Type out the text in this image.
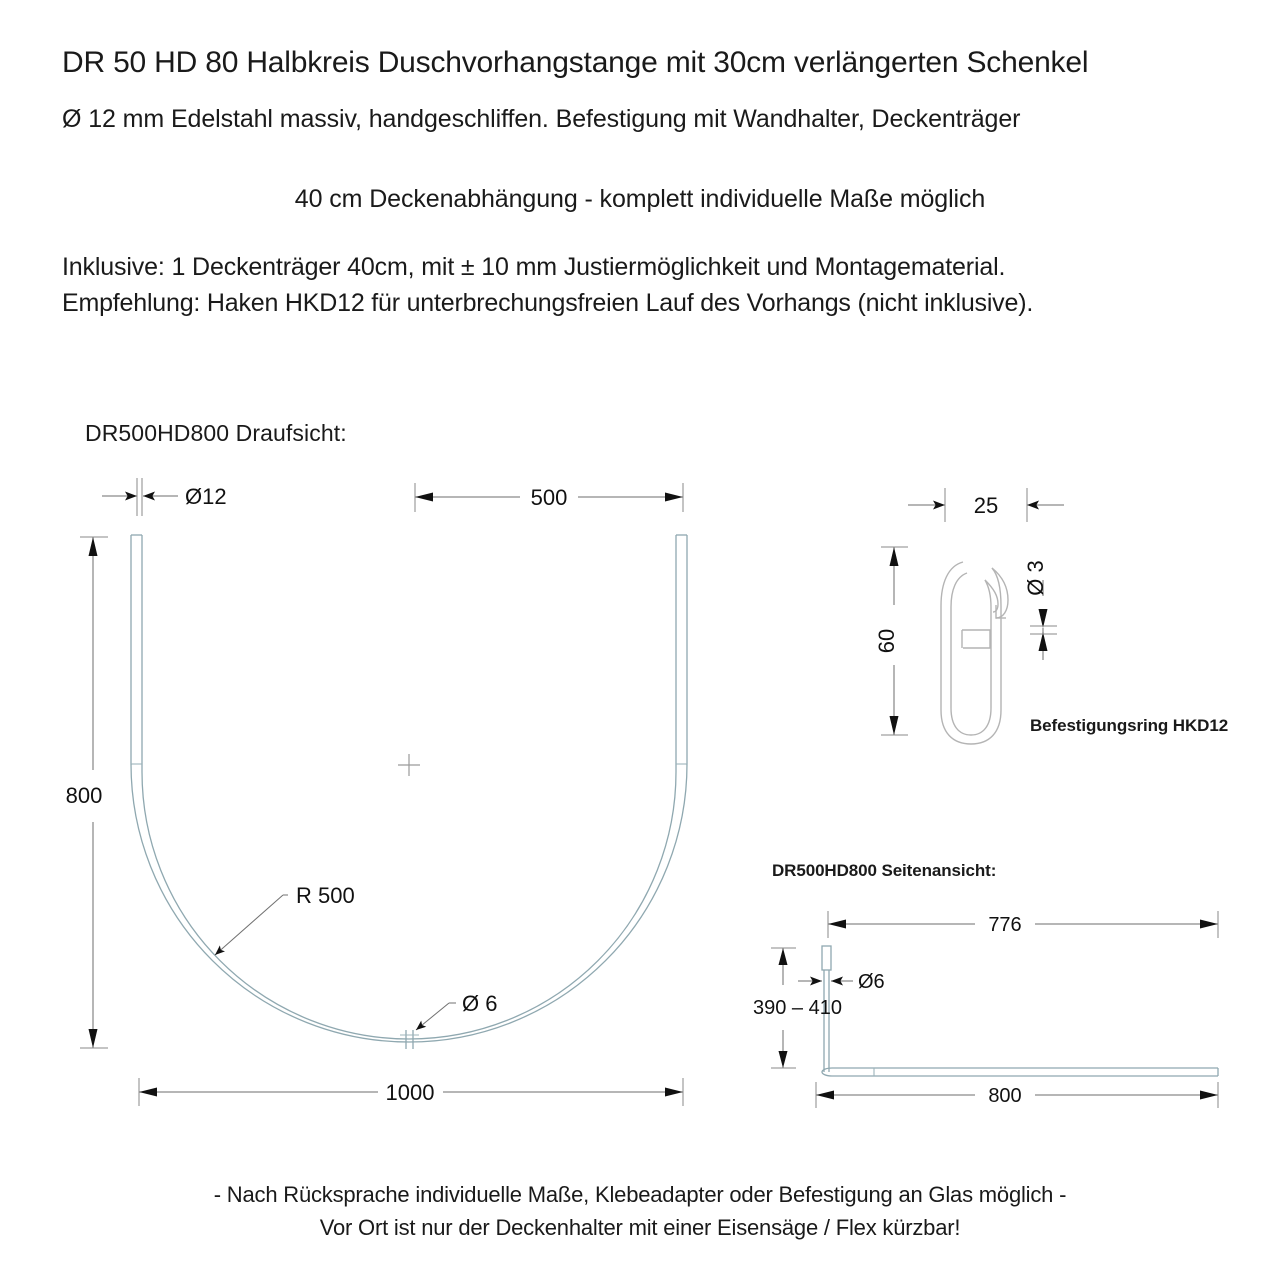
DR 50 HD 80 Halbkreis Duschvorhangstange mit 30cm verlängerten Schenkel
Ø 12 mm Edelstahl massiv, handgeschliffen. Befestigung mit Wandhalter, Deckenträger
40 cm Deckenabhängung - komplett individuelle Maße möglich
Inklusive: 1 Deckenträger 40cm, mit ± 10 mm Justiermöglichkeit und Montagematerial.
Empfehlung: Haken HKD12 für unterbrechungsfreien Lauf des Vorhangs (nicht inklusive).
DR500HD800 Draufsicht:
DR500HD800 Seitenansicht:
Befestigungsring HKD12
Ø12	500
800
R 500
Ø 6
1000
25
60
Ø 3
776
Ø6
390 – 410
800
- Nach Rücksprache individuelle Maße, Klebeadapter oder Befestigung an Glas möglich -
Vor Ort ist nur der Deckenhalter mit einer Eisensäge / Flex kürzbar!
